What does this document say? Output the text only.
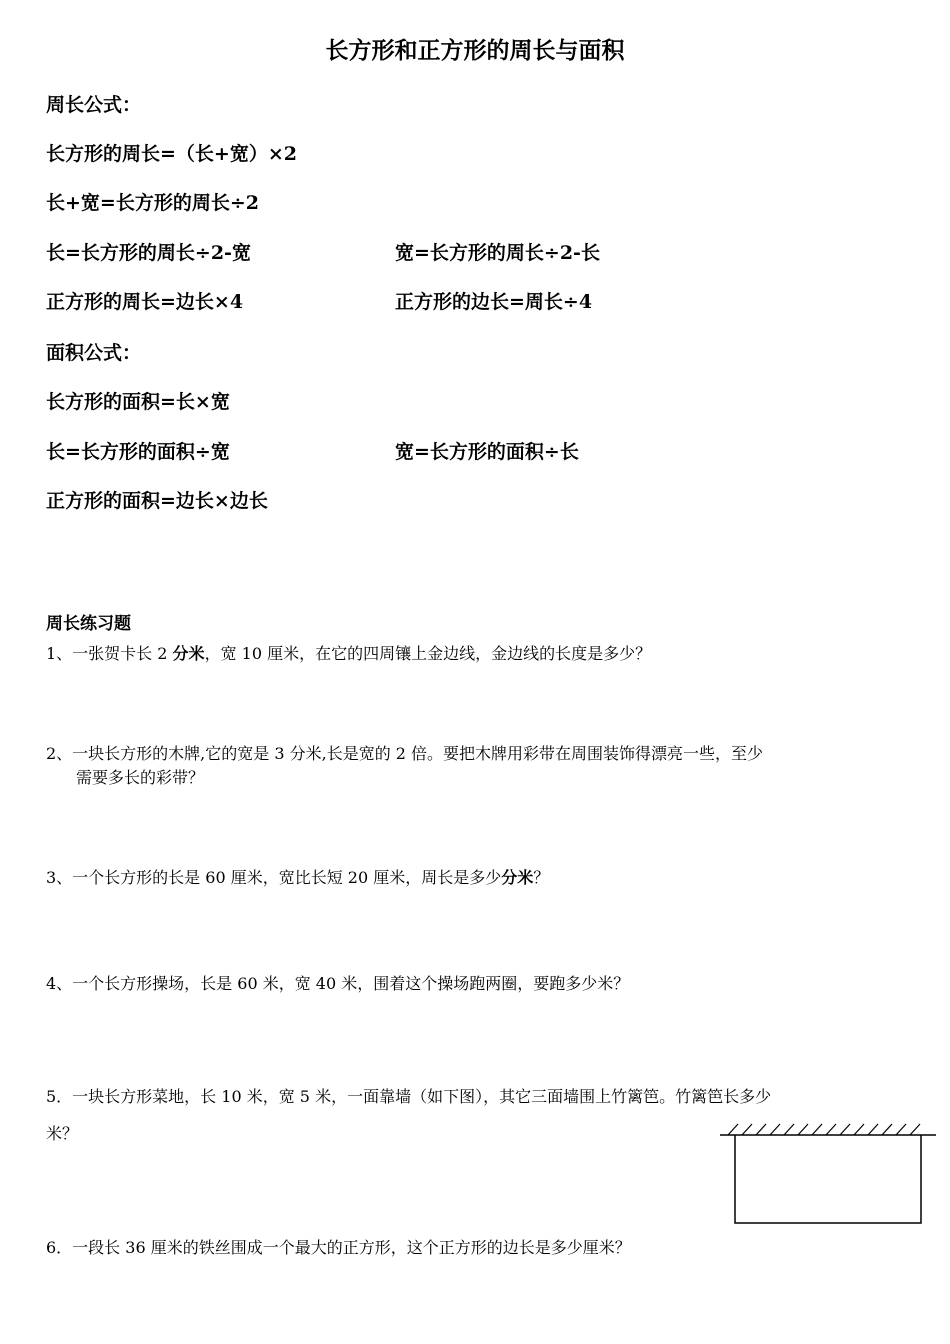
长方形和正方形的周长与面积
周长公式：
长方形的周长=（长+宽）×2
长+宽=长方形的周长÷2
长=长方形的周长÷2-宽	宽=长方形的周长÷2-长
正方形的周长=边长×4	正方形的边长=周长÷4
面积公式：
长方形的面积=长×宽
长=长方形的面积÷宽	宽=长方形的面积÷长
正方形的面积=边长×边长
周长练习题
1、一张贺卡长 2 分米，宽 10 厘米，在它的四周镶上金边线，金边线的长度是多少？
2、一块长方形的木牌,它的宽是 3 分米,长是宽的 2 倍。要把木牌用彩带在周围装饰得漂亮一些，至少
需要多长的彩带？
3、一个长方形的长是 60 厘米，宽比长短 20 厘米，周长是多少分米？
4、一个长方形操场，长是 60 米，宽 40 米，围着这个操场跑两圈，要跑多少米？
5．一块长方形菜地，长 10 米，宽 5 米，一面靠墙（如下图），其它三面墙围上竹篱笆。竹篱笆长多少
米？
6．一段长 36 厘米的铁丝围成一个最大的正方形，这个正方形的边长是多少厘米？
